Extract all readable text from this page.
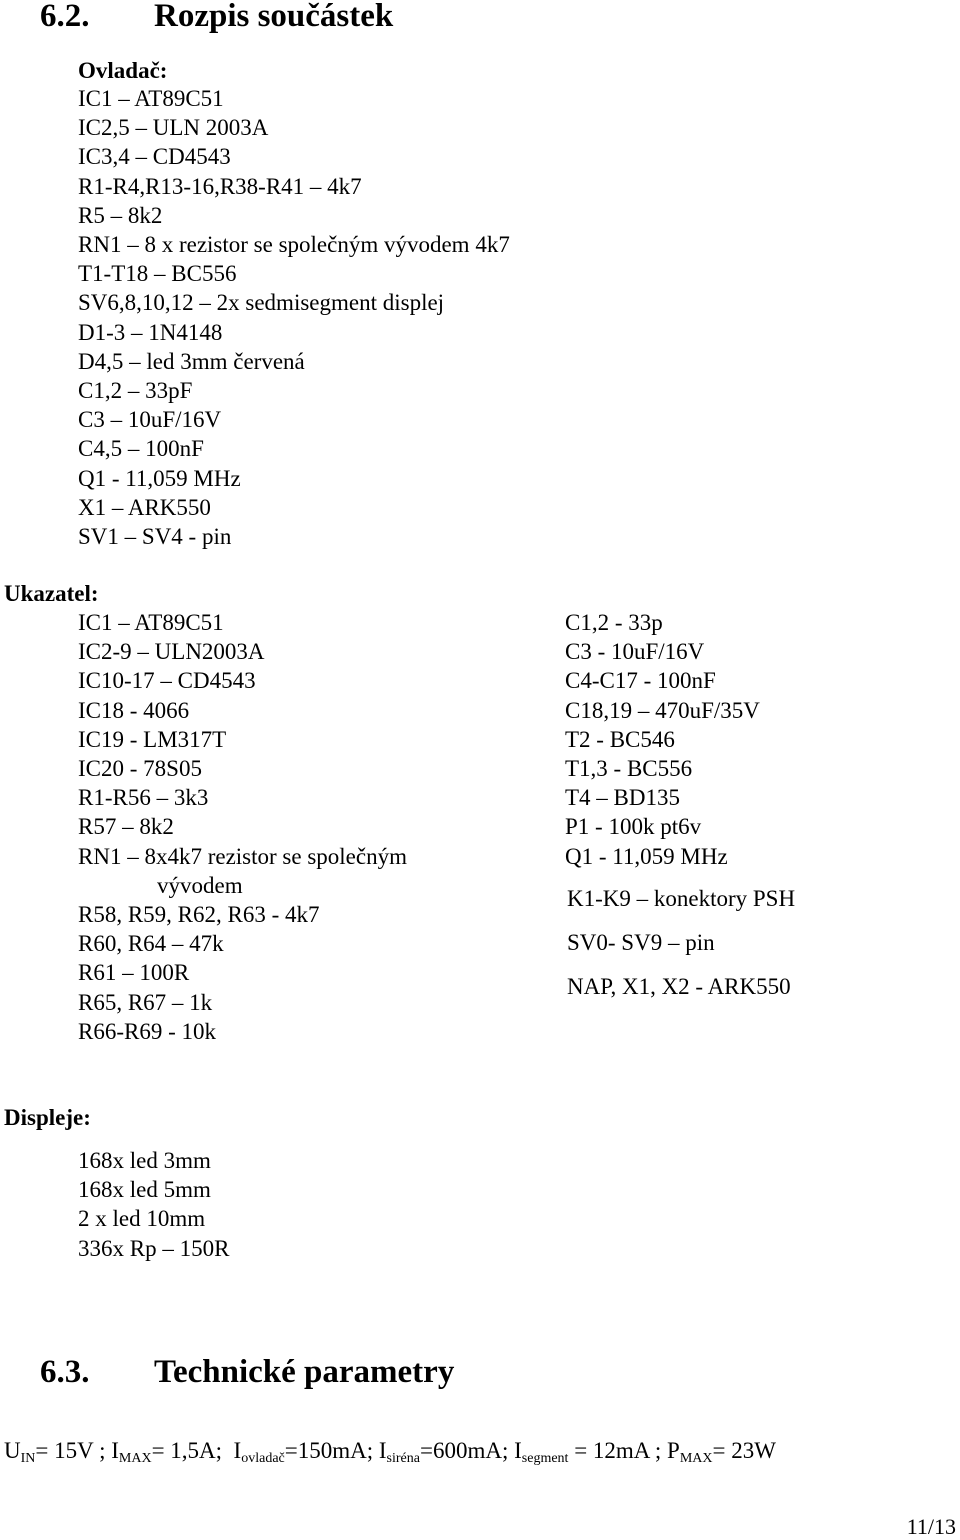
6.2. Rozpis součástek
Ovladač:
IC1 – AT89C51
IC2,5 – ULN 2003A
IC3,4 – CD4543
R1-R4,R13-16,R38-R41 – 4k7
R5 – 8k2
RN1 – 8 x rezistor se společným vývodem 4k7
T1-T18 – BC556
SV6,8,10,12 – 2x sedmisegment displej
D1-3 – 1N4148
D4,5 – led 3mm červená
C1,2 – 33pF
C3 – 10uF/16V
C4,5 – 100nF
Q1 - 11,059 MHz
X1 – ARK550
SV1 – SV4 - pin
Ukazatel:
IC1 – AT89C51
IC2-9 – ULN2003A
IC10-17 – CD4543
IC18 - 4066
IC19 - LM317T
IC20 - 78S05
R1-R56 – 3k3
R57 – 8k2
RN1 – 8x4k7 rezistor se společným
vývodem
R58, R59, R62, R63 - 4k7
R60, R64 – 47k
R61 – 100R
R65, R67 – 1k
R66-R69 - 10k
C1,2 - 33p
C3 - 10uF/16V
C4-C17 - 100nF
C18,19 – 470uF/35V
T2 - BC546
T1,3 - BC556
T4 – BD135
P1 - 100k pt6v
Q1 - 11,059 MHz
K1-K9 – konektory PSH
SV0- SV9 – pin
NAP, X1, X2 - ARK550
Displeje:
168x led 3mm
168x led 5mm
2 x led 10mm
336x Rp – 150R
6.3. Technické parametry
$U_{IN}= 15V$ ; $I_{MAX}= 1,5A$; $I_{ovladač}=150mA$; $I_{siréna}=600mA$; $I_{segment} = 12mA$ ; $P_{MAX}= 23W$
11/13
